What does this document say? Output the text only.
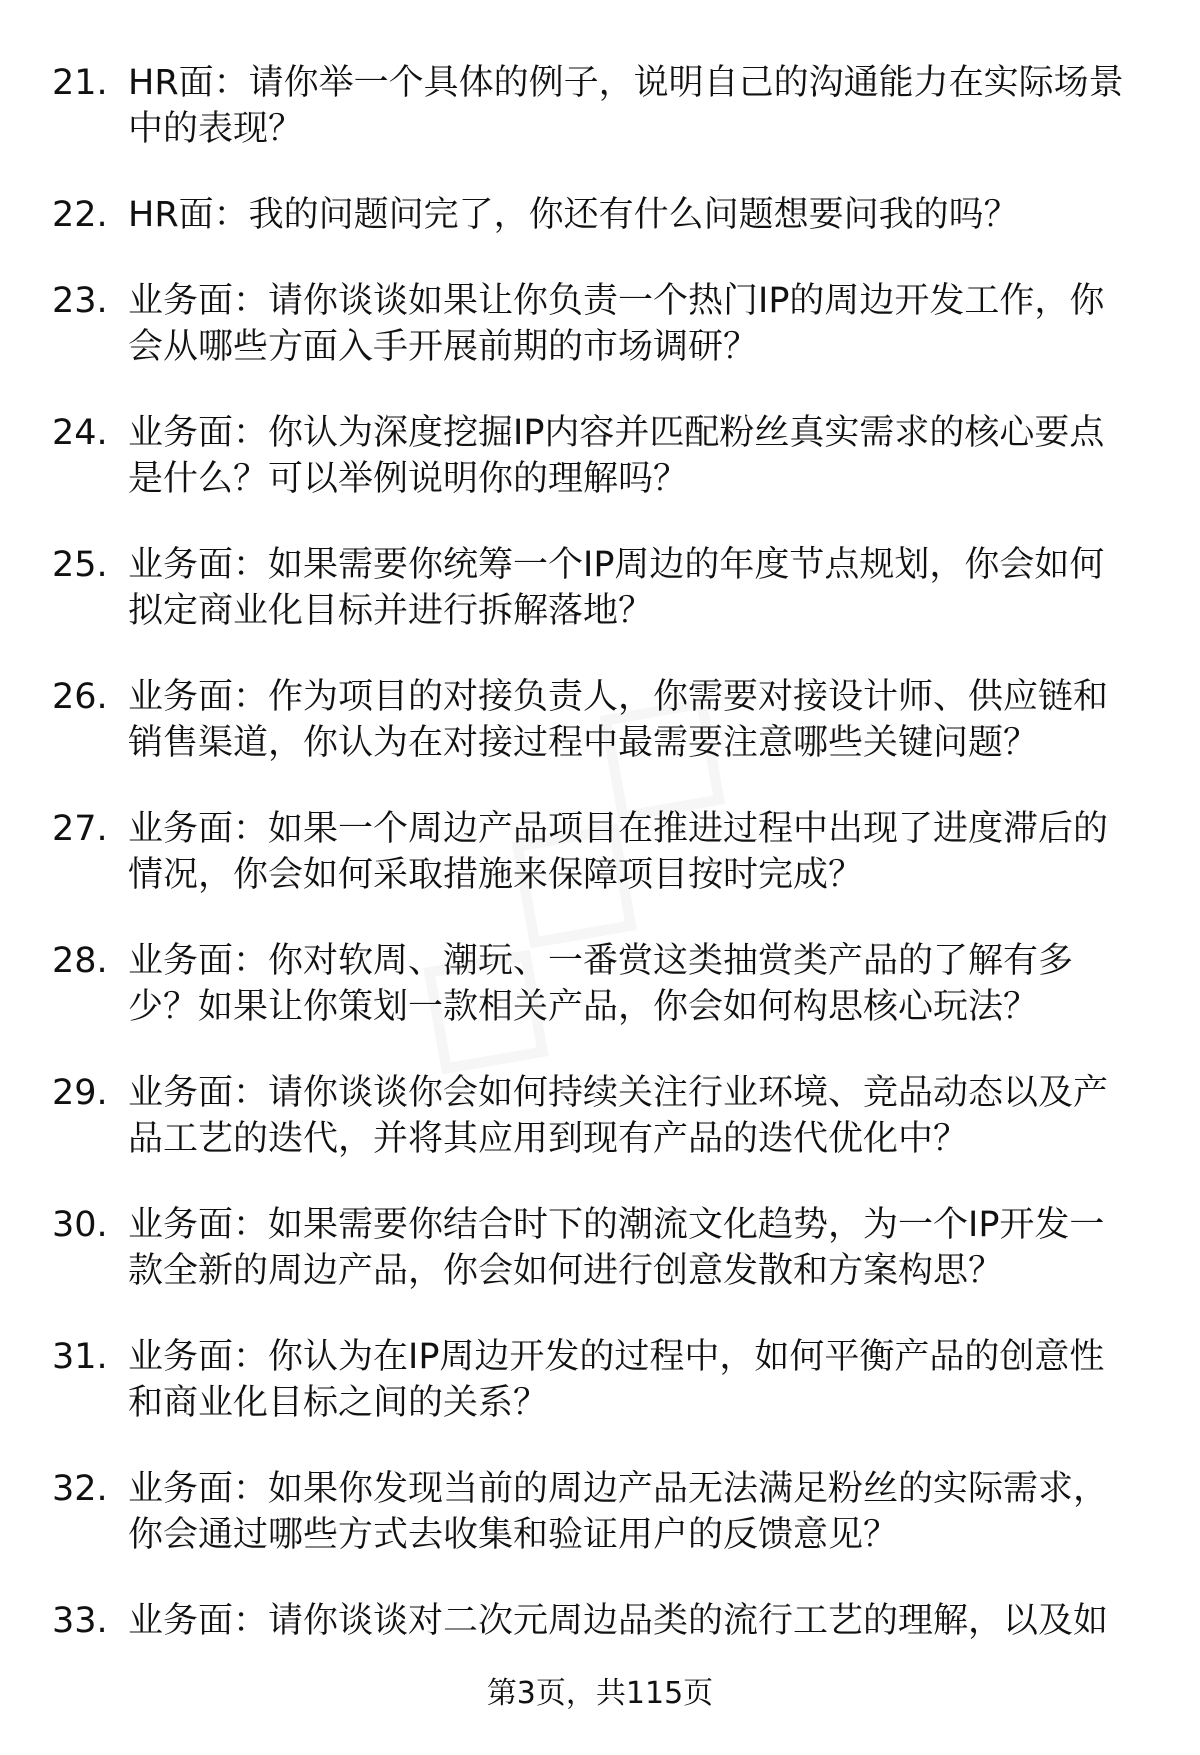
21. HR面：请你举一个具体的例子，说明自己的沟通能力在实际场景
中的表现？
22. HR面：我的问题问完了，你还有什么问题想要问我的吗？
23. 业务面：请你谈谈如果让你负责一个热门IP的周边开发工作，你
会从哪些方面入手开展前期的市场调研？
24. 业务面：你认为深度挖掘IP内容并匹配粉丝真实需求的核心要点
是什么？可以举例说明你的理解吗？
25. 业务面：如果需要你统筹一个IP周边的年度节点规划，你会如何
拟定商业化目标并进行拆解落地？
26. 业务面：作为项目的对接负责人，你需要对接设计师、供应链和
销售渠道，你认为在对接过程中最需要注意哪些关键问题？
27. 业务面：如果一个周边产品项目在推进过程中出现了进度滞后的
情况，你会如何采取措施来保障项目按时完成？
28. 业务面：你对软周、潮玩、一番赏这类抽赏类产品的了解有多
少？如果让你策划一款相关产品，你会如何构思核心玩法？
29. 业务面：请你谈谈你会如何持续关注行业环境、竞品动态以及产
品工艺的迭代，并将其应用到现有产品的迭代优化中？
30. 业务面：如果需要你结合时下的潮流文化趋势，为一个IP开发一
款全新的周边产品，你会如何进行创意发散和方案构思？
31. 业务面：你认为在IP周边开发的过程中，如何平衡产品的创意性
和商业化目标之间的关系？
32. 业务面：如果你发现当前的周边产品无法满足粉丝的实际需求，
你会通过哪些方式去收集和验证用户的反馈意见？
33. 业务面：请你谈谈对二次元周边品类的流行工艺的理解，以及如
第3页，共115页
